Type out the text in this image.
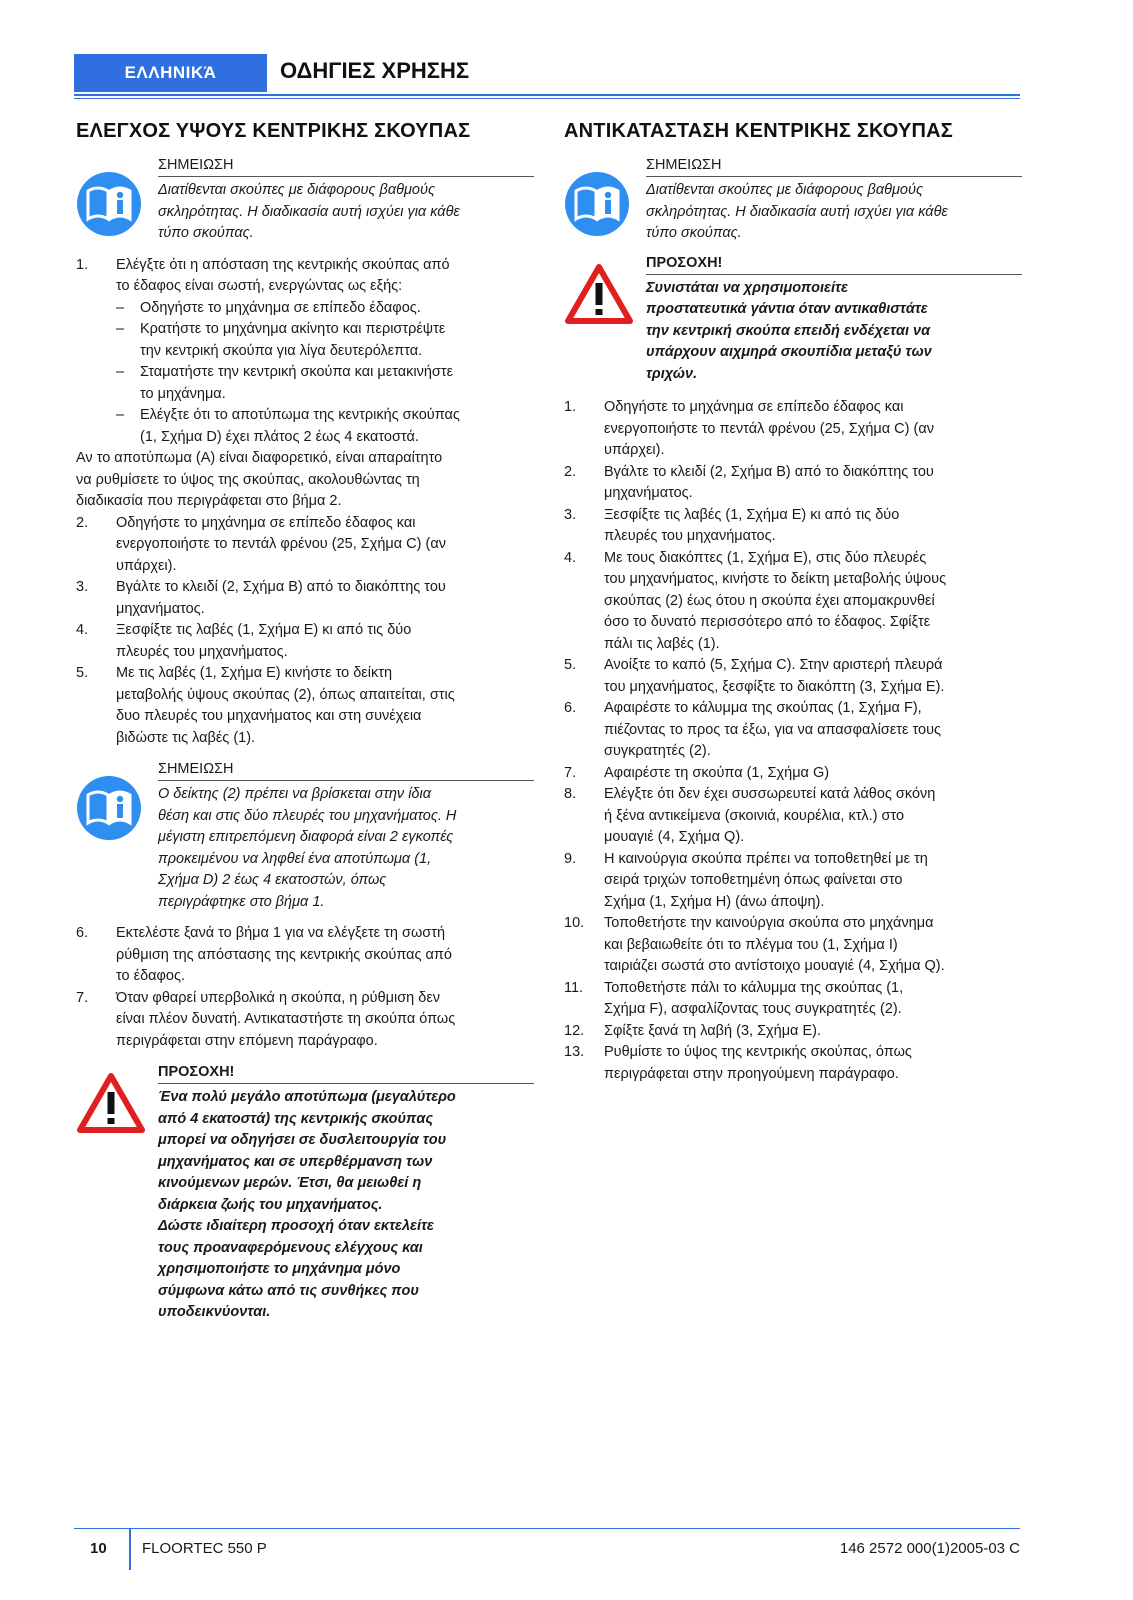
ΕΛΛΗΝΙΚΆ	ΟΔΗΓΙΕΣ ΧΡΗΣΗΣ
ΕΛΕΓΧΟΣ ΥΨΟΥΣ ΚΕΝΤΡΙΚΗΣ ΣΚΟΥΠΑΣ
ΣΗΜΕΙΩΣΗ
Διατίθενται σκούπες με διάφορους βαθμούς
σκληρότητας. Η διαδικασία αυτή ισχύει για κάθε
τύπο σκούπας.
1.	Ελέγξτε ότι η απόσταση της κεντρικής σκούπας από
το έδαφος είναι σωστή, ενεργώντας ως εξής:
–	Οδηγήστε το μηχάνημα σε επίπεδο έδαφος.
–	Κρατήστε το μηχάνημα ακίνητο και περιστρέψτε
την κεντρική σκούπα για λίγα δευτερόλεπτα.
–	Σταματήστε την κεντρική σκούπα και μετακινήστε
το μηχάνημα.
–	Ελέγξτε ότι το αποτύπωμα της κεντρικής σκούπας
(1, Σχήμα D) έχει πλάτος 2 έως 4 εκατοστά.
Αν το αποτύπωμα (A) είναι διαφορετικό, είναι απαραίτητο
να ρυθμίσετε το ύψος της σκούπας, ακολουθώντας τη
διαδικασία που περιγράφεται στο βήμα 2.
2.	Οδηγήστε το μηχάνημα σε επίπεδο έδαφος και
ενεργοποιήστε το πεντάλ φρένου (25, Σχήμα C) (αν
υπάρχει).
3.	Βγάλτε το κλειδί (2, Σχήμα B) από το διακόπτης του
μηχανήματος.
4.	Ξεσφίξτε τις λαβές (1, Σχήμα E) κι από τις δύο
πλευρές του μηχανήματος.
5.	Με τις λαβές (1, Σχήμα E) κινήστε το δείκτη
μεταβολής ύψους σκούπας (2), όπως απαιτείται, στις
δυο πλευρές του μηχανήματος και στη συνέχεια
βιδώστε τις λαβές (1).
ΣΗΜΕΙΩΣΗ
Ο δείκτης (2) πρέπει να βρίσκεται στην ίδια
θέση και στις δύο πλευρές του μηχανήματος. Η
μέγιστη επιτρεπόμενη διαφορά είναι 2 εγκοπές
προκειμένου να ληφθεί ένα αποτύπωμα (1,
Σχήμα D) 2 έως 4 εκατοστών, όπως
περιγράφτηκε στο βήμα 1.
6.	Εκτελέστε ξανά το βήμα 1 για να ελέγξετε τη σωστή
ρύθμιση της απόστασης της κεντρικής σκούπας από
το έδαφος.
7.	Όταν φθαρεί υπερβολικά η σκούπα, η ρύθμιση δεν
είναι πλέον δυνατή. Αντικαταστήστε τη σκούπα όπως
περιγράφεται στην επόμενη παράγραφο.
ΠΡΟΣΟΧΗ!
Ένα πολύ μεγάλο αποτύπωμα (μεγαλύτερο
από 4 εκατοστά) της κεντρικής σκούπας
μπορεί να οδηγήσει σε δυσλειτουργία του
μηχανήματος και σε υπερθέρμανση των
κινούμενων μερών. Έτσι, θα μειωθεί η
διάρκεια ζωής του μηχανήματος.
Δώστε ιδιαίτερη προσοχή όταν εκτελείτε
τους προαναφερόμενους ελέγχους και
χρησιμοποιήστε το μηχάνημα μόνο
σύμφωνα κάτω από τις συνθήκες που
υποδεικνύονται.
ΑΝΤΙΚΑΤΑΣΤΑΣΗ ΚΕΝΤΡΙΚΗΣ ΣΚΟΥΠΑΣ
ΣΗΜΕΙΩΣΗ
Διατίθενται σκούπες με διάφορους βαθμούς
σκληρότητας. Η διαδικασία αυτή ισχύει για κάθε
τύπο σκούπας.
ΠΡΟΣΟΧΗ!
Συνιστάται να χρησιμοποιείτε
προστατευτικά γάντια όταν αντικαθιστάτε
την κεντρική σκούπα επειδή ενδέχεται να
υπάρχουν αιχμηρά σκουπίδια μεταξύ των
τριχών.
1.	Οδηγήστε το μηχάνημα σε επίπεδο έδαφος και
ενεργοποιήστε το πεντάλ φρένου (25, Σχήμα C) (αν
υπάρχει).
2.	Βγάλτε το κλειδί (2, Σχήμα B) από το διακόπτης του
μηχανήματος.
3.	Ξεσφίξτε τις λαβές (1, Σχήμα E) κι από τις δύο
πλευρές του μηχανήματος.
4.	Με τους διακόπτες (1, Σχήμα E), στις δύο πλευρές
του μηχανήματος, κινήστε το δείκτη μεταβολής ύψους
σκούπας (2) έως ότου η σκούπα έχει απομακρυνθεί
όσο το δυνατό περισσότερο από το έδαφος. Σφίξτε
πάλι τις λαβές (1).
5.	Ανοίξτε το καπό (5, Σχήμα C). Στην αριστερή πλευρά
του μηχανήματος, ξεσφίξτε το διακόπτη (3, Σχήμα E).
6.	Αφαιρέστε το κάλυμμα της σκούπας (1, Σχήμα F),
πιέζοντας το προς τα έξω, για να απασφαλίσετε τους
συγκρατητές (2).
7.	Αφαιρέστε τη σκούπα (1, Σχήμα G)
8.	Ελέγξτε ότι δεν έχει συσσωρευτεί κατά λάθος σκόνη
ή ξένα αντικείμενα (σκοινιά, κουρέλια, κτλ.) στο
μουαγιέ (4, Σχήμα Q).
9.	Η καινούργια σκούπα πρέπει να τοποθετηθεί με τη
σειρά τριχών τοποθετημένη όπως φαίνεται στο
Σχήμα (1, Σχήμα H) (άνω άποψη).
10.	Τοποθετήστε την καινούργια σκούπα στο μηχάνημα
και βεβαιωθείτε ότι το πλέγμα του (1, Σχήμα I)
ταιριάζει σωστά στο αντίστοιχο μουαγιέ (4, Σχήμα Q).
11.	Τοποθετήστε πάλι το κάλυμμα της σκούπας (1,
Σχήμα F), ασφαλίζοντας τους συγκρατητές (2).
12.	Σφίξτε ξανά τη λαβή (3, Σχήμα E).
13.	Ρυθμίστε το ύψος της κεντρικής σκούπας, όπως
περιγράφεται στην προηγούμενη παράγραφο.
10 FLOORTEC 550 P	146 2572 000(1)2005-03 C
